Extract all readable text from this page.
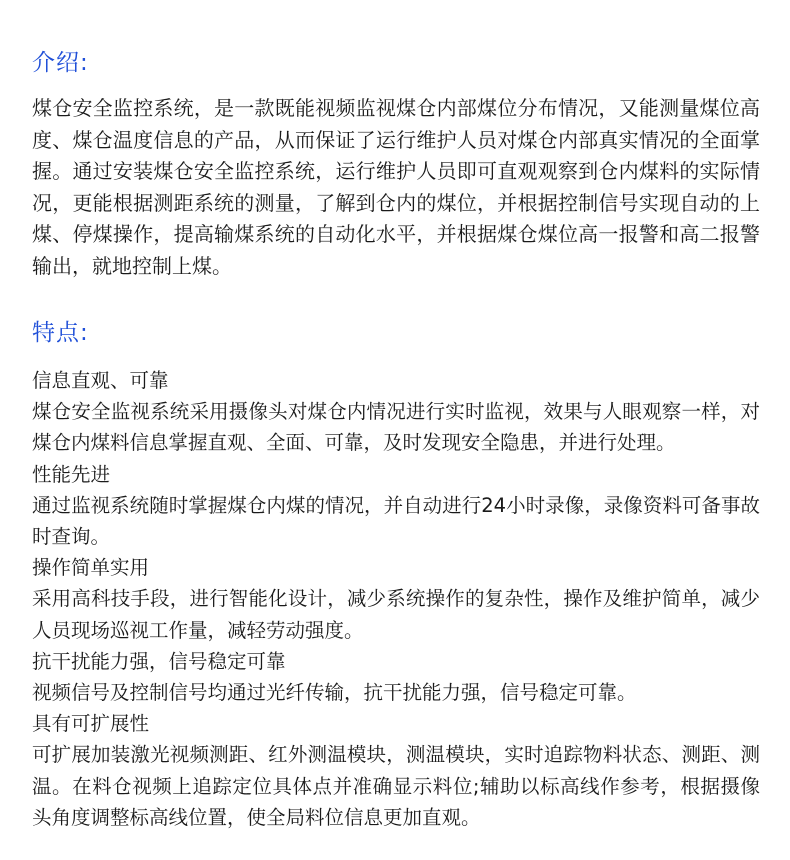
介绍:

煤仓安全监控系统，是一款既能视频监视煤仓内部煤位分布情况，又能测量煤位高度、煤仓温度信息的产品，从而保证了运行维护人员对煤仓内部真实情况的全面掌握。通过安装煤仓安全监控系统，运行维护人员即可直观观察到仓内煤料的实际情况，更能根据测距系统的测量，了解到仓内的煤位，并根据控制信号实现自动的上煤、停煤操作，提高输煤系统的自动化水平，并根据煤仓煤位高一报警和高二报警输出，就地控制上煤。

特点:

信息直观、可靠

煤仓安全监视系统采用摄像头对煤仓内情况进行实时监视，效果与人眼观察一样，对煤仓内煤料信息掌握直观、全面、可靠，及时发现安全隐患，并进行处理。

性能先进

通过监视系统随时掌握煤仓内煤的情况，并自动进行24小时录像，录像资料可备事故时查询。

操作简单实用

采用高科技手段，进行智能化设计，减少系统操作的复杂性，操作及维护简单，减少人员现场巡视工作量，减轻劳动强度。

抗干扰能力强，信号稳定可靠

视频信号及控制信号均通过光纤传输，抗干扰能力强，信号稳定可靠。

具有可扩展性

可扩展加装激光视频测距、红外测温模块，测温模块，实时追踪物料状态、测距、测温。在料仓视频上追踪定位具体点并准确显示料位;辅助以标高线作参考，根据摄像头角度调整标高线位置，使全局料位信息更加直观。
